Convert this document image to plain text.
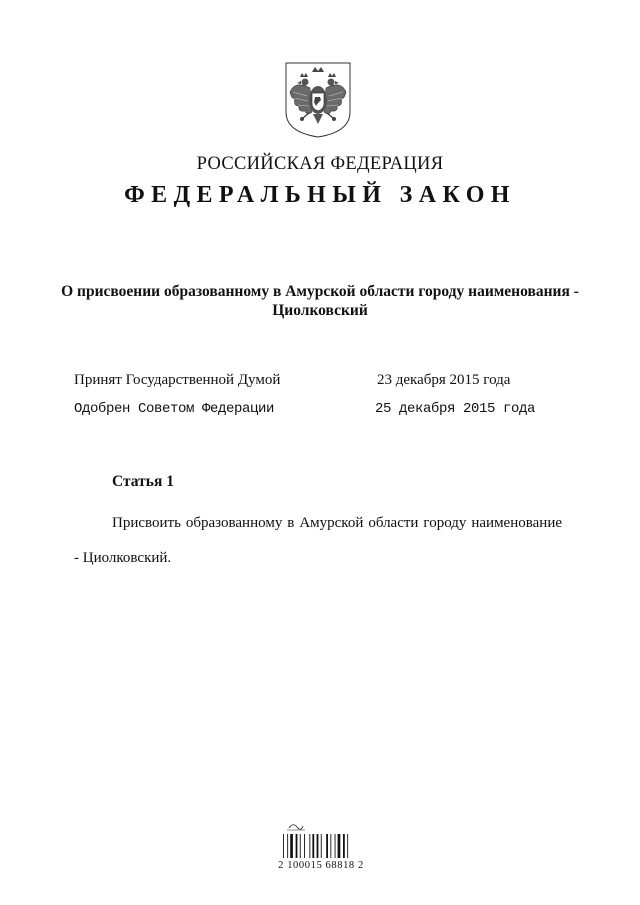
РОССИЙСКАЯ ФЕДЕРАЦИЯ
ФЕДЕРАЛЬНЫЙ ЗАКОН
О присвоении образованному в Амурской области городу наименования - Циолковский
Принят Государственной Думой	23 декабря 2015 года
Одобрен Советом Федерации	25 декабря 2015 года
Статья 1

Присвоить образованному в Амурской области городу наименование - Циолковский.

2 100015 68818 2
